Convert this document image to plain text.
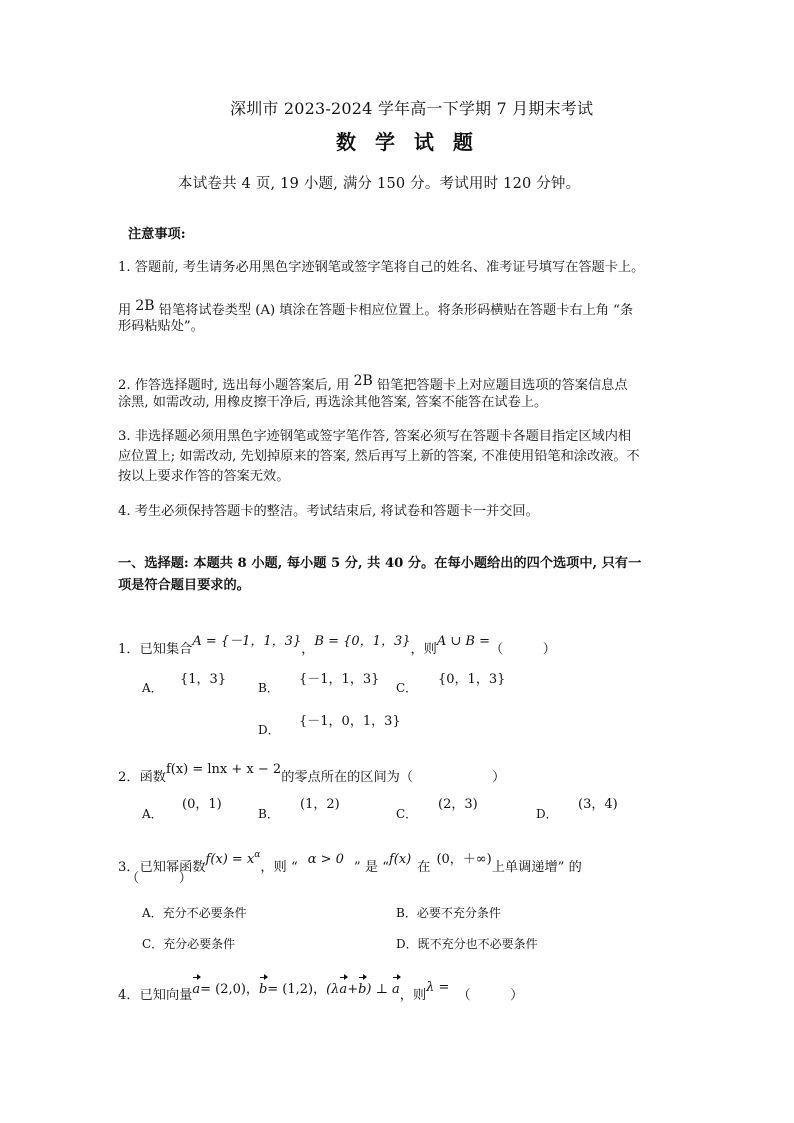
深圳市 2023-2024 学年高一下学期 7 月期末考试
数 学 试 题
本试卷共 4 页, 19 小题, 满分 150 分。考试用时 120 分钟。
注意事项:
1. 答题前, 考生请务必用黑色字迹钢笔或签字笔将自己的姓名、准考证号填写在答题卡上。
用 2B 铅笔将试卷类型 (A) 填涂在答题卡相应位置上。将条形码横贴在答题卡右上角 “条
形码粘贴处”。
2. 作答选择题时, 选出每小题答案后, 用 2B 铅笔把答题卡上对应题目选项的答案信息点
涂黑, 如需改动, 用橡皮擦干净后, 再选涂其他答案, 答案不能答在试卷上。
3. 非选择题必须用黑色字迹钢笔或签字笔作答, 答案必须写在答题卡各题目指定区域内相
应位置上; 如需改动, 先划掉原来的答案, 然后再写上新的答案, 不准使用铅笔和涂改液。不
按以上要求作答的答案无效。
4. 考生必须保持答题卡的整洁。考试结束后, 将试卷和答题卡一并交回。
一、选择题: 本题共 8 小题, 每小题 5 分, 共 40 分。在每小题给出的四个选项中, 只有一
项是符合题目要求的。
1．已知集合A = {－1，1，3}，B = {0，1，3}，则A ∪ B =（　　　）
A．
{1，3}
B．
{－1，1，3}
C．
{0，1，3}
D．
{－1，0，1，3}
2．函数f(x) = lnx + x − 2的零点所在的区间为（　　　　　　）
A．
(0，1)
B．
(1，2)
C．
(2，3)
D．
(3，4)
3．已知幂函数$f(x) = x^\alpha$，则 “α > 0” 是 “f(x)在(0，＋∞)上单调递增” 的
（　　　）
A．充分不必要条件	B．必要不充分条件
C．充分必要条件	D．既不充分也不必要条件
4．已知向量a= (2,0)，b= (1,2)，(λa+b) ⊥ a，则λ =（　　　）
